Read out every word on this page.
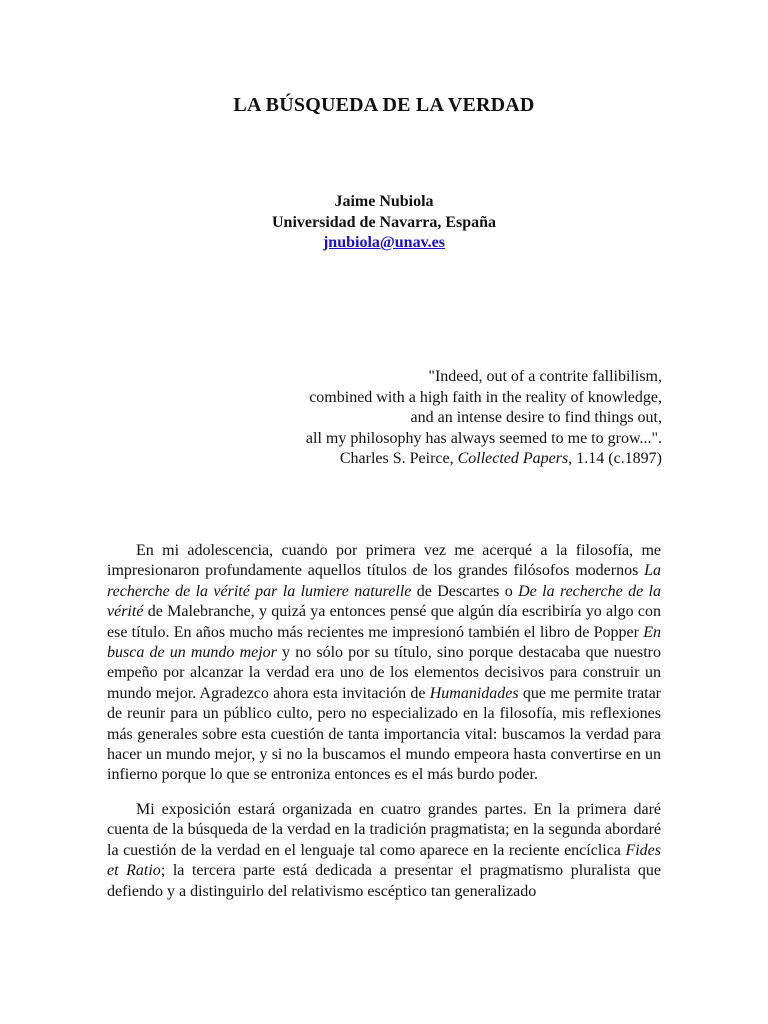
LA BÚSQUEDA DE LA VERDAD
Jaime Nubiola
Universidad de Navarra, España
jnubiola@unav.es
"Indeed, out of a contrite fallibilism,
combined with a high faith in the reality of knowledge,
and an intense desire to find things out,
all my philosophy has always seemed to me to grow...".
Charles S. Peirce, Collected Papers, 1.14 (c.1897)

En mi adolescencia, cuando por primera vez me acerqué a la filosofía, me impresionaron profundamente aquellos títulos de los grandes filósofos modernos La recherche de la vérité par la lumiere naturelle de Descartes o De la recherche de la vérité de Malebranche, y quizá ya entonces pensé que algún día escribiría yo algo con ese título. En años mucho más recientes me impresionó también el libro de Popper En busca de un mundo mejor y no sólo por su título, sino porque destacaba que nuestro empeño por alcanzar la verdad era uno de los elementos decisivos para construir un mundo mejor. Agradezco ahora esta invitación de Humanidades que me permite tratar de reunir para un público culto, pero no especializado en la filosofía, mis reflexiones más generales sobre esta cuestión de tanta importancia vital: buscamos la verdad para hacer un mundo mejor, y si no la buscamos el mundo empeora hasta convertirse en un infierno porque lo que se entroniza entonces es el más burdo poder.

Mi exposición estará organizada en cuatro grandes partes. En la primera daré cuenta de la búsqueda de la verdad en la tradición pragmatista; en la segunda abordaré la cuestión de la verdad en el lenguaje tal como aparece en la reciente encíclica Fides et Ratio; la tercera parte está dedicada a presentar el pragmatismo pluralista que defiendo y a distinguirlo del relativismo escéptico tan generalizado
